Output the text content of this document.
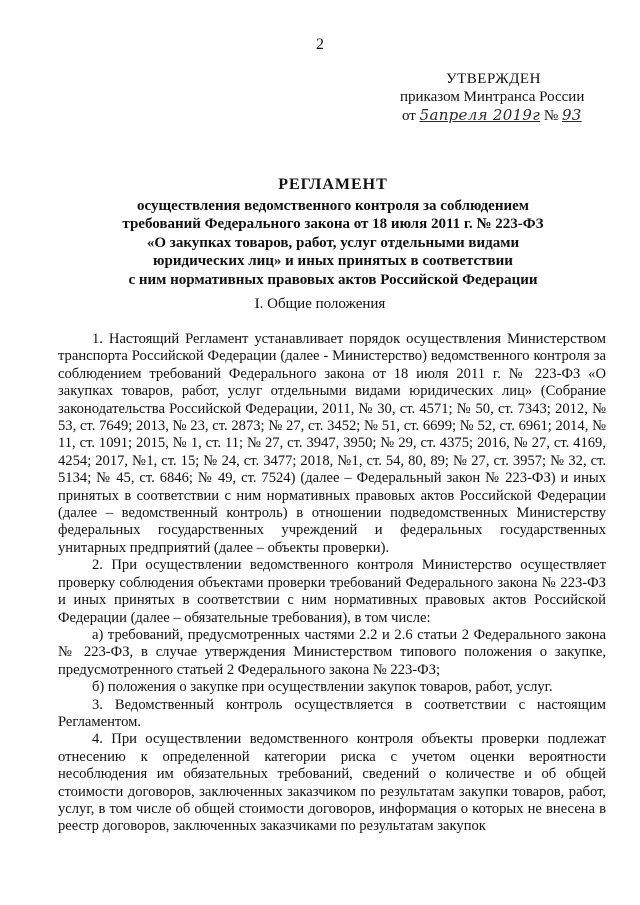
2
УТВЕРЖДЕН
приказом Минтранса России
от 5апреля 2019г № 93
РЕГЛАМЕНТ
осуществления ведомственного контроля за соблюдением
требований Федерального закона от 18 июля 2011 г. № 223-ФЗ
«О закупках товаров, работ, услуг отдельными видами
юридических лиц» и иных принятых в соответствии
с ним нормативных правовых актов Российской Федерации
I. Общие положения

1. Настоящий Регламент устанавливает порядок осуществления Министерством транспорта Российской Федерации (далее - Министерство) ведомственного контроля за соблюдением требований Федерального закона от 18 июля 2011 г. № 223-ФЗ «О закупках товаров, работ, услуг отдельными видами юридических лиц» (Собрание законодательства Российской Федерации, 2011, № 30, ст. 4571; № 50, ст. 7343; 2012, № 53, ст. 7649; 2013, № 23, ст. 2873; № 27, ст. 3452; № 51, ст. 6699; № 52, ст. 6961; 2014, № 11, ст. 1091; 2015, № 1, ст. 11; № 27, ст. 3947, 3950; № 29, ст. 4375; 2016, № 27, ст. 4169, 4254; 2017, №1, ст. 15; № 24, ст. 3477; 2018, №1, ст. 54, 80, 89; № 27, ст. 3957; № 32, ст. 5134; № 45, ст. 6846; № 49, ст. 7524) (далее – Федеральный закон № 223-ФЗ) и иных принятых в соответствии с ним нормативных правовых актов Российской Федерации (далее – ведомственный контроль) в отношении подведомственных Министерству федеральных государственных учреждений и федеральных государственных унитарных предприятий (далее – объекты проверки).

2. При осуществлении ведомственного контроля Министерство осуществляет проверку соблюдения объектами проверки требований Федерального закона № 223-ФЗ и иных принятых в соответствии с ним нормативных правовых актов Российской Федерации (далее – обязательные требования), в том числе:

а) требований, предусмотренных частями 2.2 и 2.6 статьи 2 Федерального закона № 223-ФЗ, в случае утверждения Министерством типового положения о закупке, предусмотренного статьей 2 Федерального закона № 223-ФЗ;

б) положения о закупке при осуществлении закупок товаров, работ, услуг.

3. Ведомственный контроль осуществляется в соответствии с настоящим Регламентом.

4. При осуществлении ведомственного контроля объекты проверки подлежат отнесению к определенной категории риска с учетом оценки вероятности несоблюдения им обязательных требований, сведений о количестве и об общей стоимости договоров, заключенных заказчиком по результатам закупки товаров, работ, услуг, в том числе об общей стоимости договоров, информация о которых не внесена в реестр договоров, заключенных заказчиками по результатам закупок
